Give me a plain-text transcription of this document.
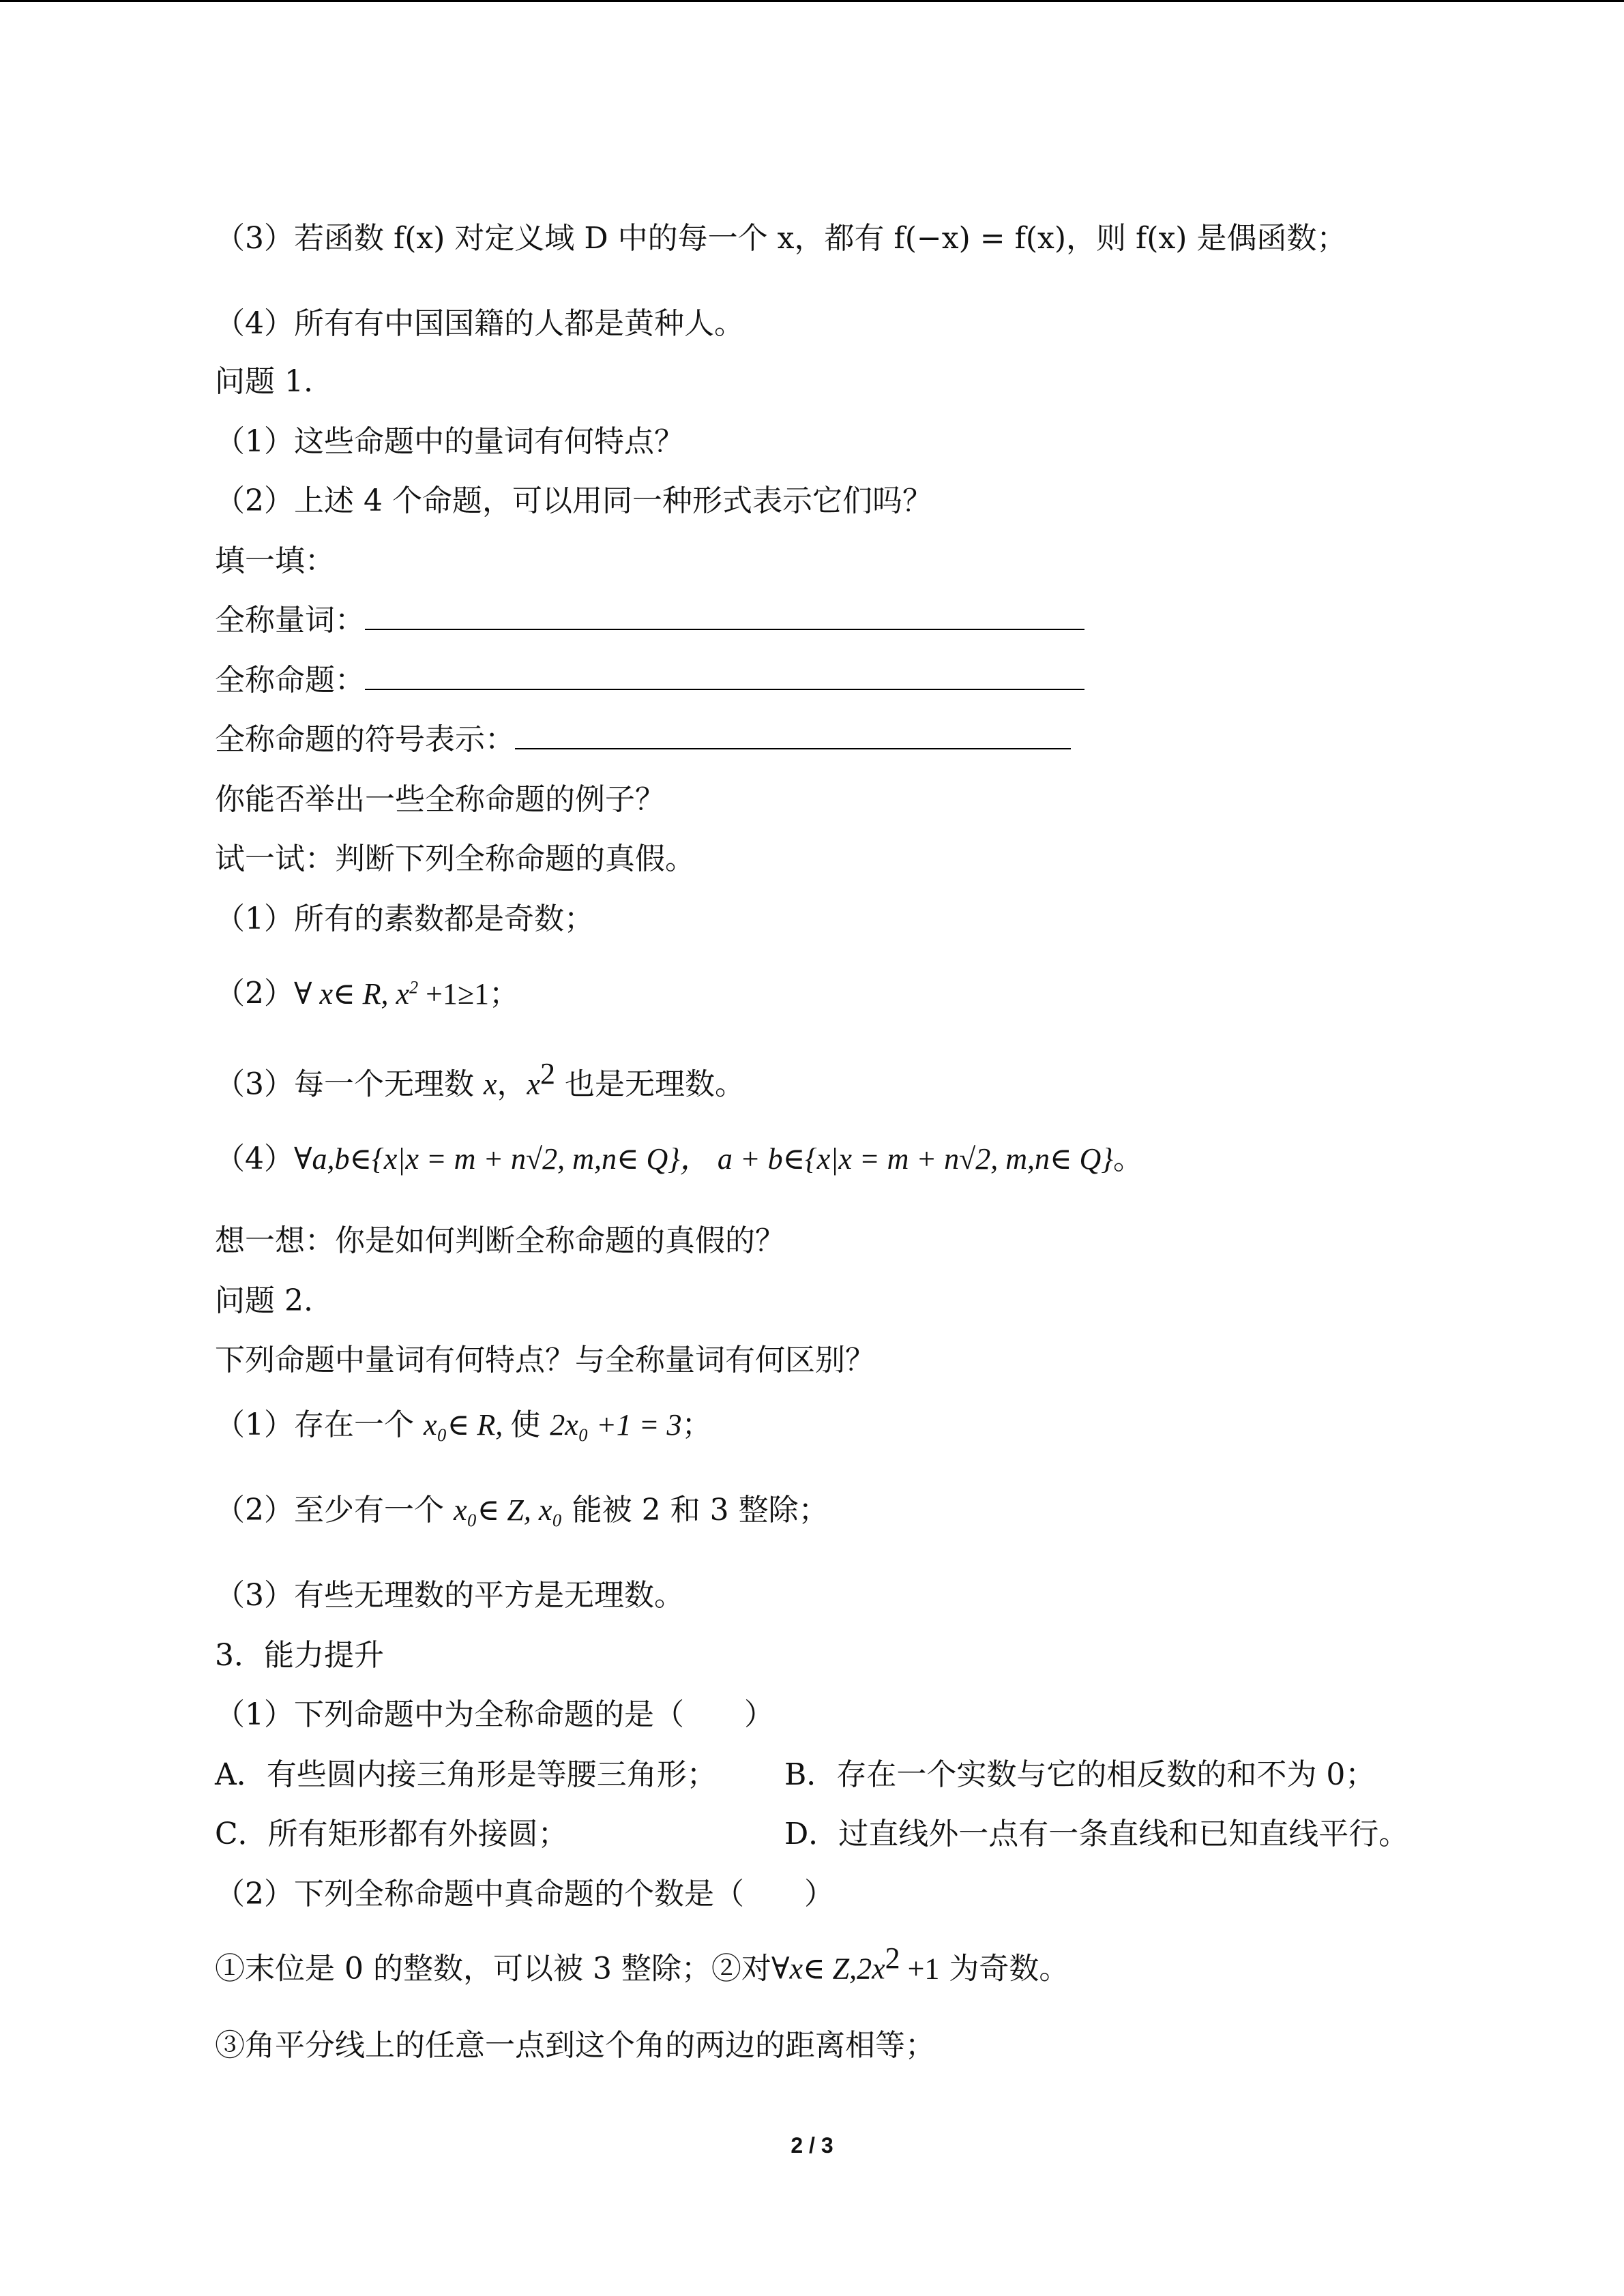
（3）若函数 f(x) 对定义域 D 中的每一个 x，都有 f(−x) = f(x)，则 f(x) 是偶函数；
（4）所有有中国国籍的人都是黄种人。
问题 1.
（1）这些命题中的量词有何特点？
（2）上述 4 个命题，可以用同一种形式表示它们吗？
填一填：
全称量词：
全称命题：
全称命题的符号表示：
你能否举出一些全称命题的例子？
试一试：判断下列全称命题的真假。
（1）所有的素数都是奇数；
（2）∀ x∈ R, $x^2 +1\ge 1$；
（3）每一个无理数 x，$x^2$ 也是无理数。
（4）∀a,b∈{x|x = m + n√2, m,n∈ Q}， a + b∈{x|x = m + n√2, m,n∈ Q}。
想一想：你是如何判断全称命题的真假的？
问题 2.
下列命题中量词有何特点？与全称量词有何区别？
（1）存在一个 x₀∈ R, 使 2x₀ +1 = 3；
（2）至少有一个 x₀∈ Z, x₀ 能被 2 和 3 整除；
（3）有些无理数的平方是无理数。
3．能力提升
（1）下列命题中为全称命题的是（　　）
A．有些圆内接三角形是等腰三角形； B．存在一个实数与它的相反数的和不为 0；
C．所有矩形都有外接圆；	D．过直线外一点有一条直线和已知直线平行。
（2）下列全称命题中真命题的个数是（　　）
①末位是 0 的整数，可以被 3 整除；②对∀x∈ $Z,2x^2 +1$ 为奇数。
③角平分线上的任意一点到这个角的两边的距离相等；
2 / 3
